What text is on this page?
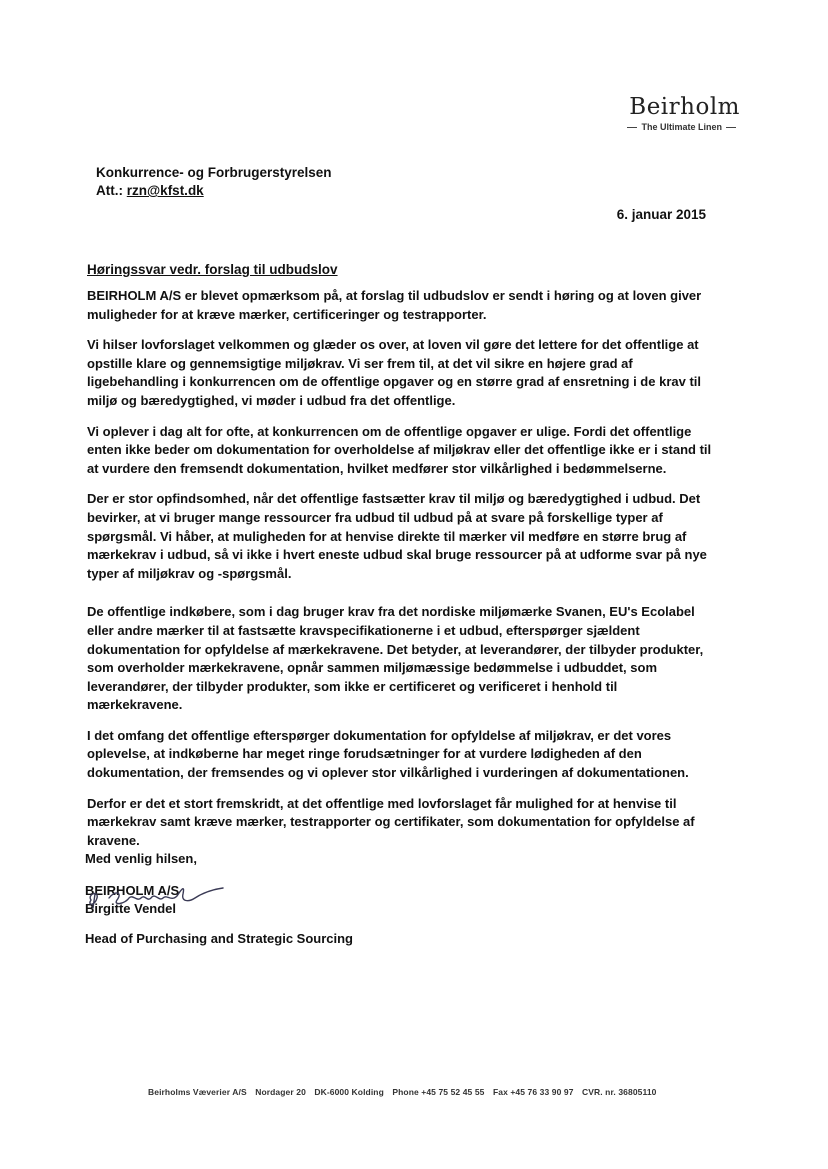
Beirholm
The Ultimate Linen
Konkurrence- og Forbrugerstyrelsen
Att.: rzn@kfst.dk
6. januar 2015
Høringssvar vedr. forslag til udbudslov

BEIRHOLM A/S er blevet opmærksom på, at forslag til udbudslov er sendt i høring og at loven giver muligheder for at kræve mærker, certificeringer og testrapporter.

Vi hilser lovforslaget velkommen og glæder os over, at loven vil gøre det lettere for det offentlige at opstille klare og gennemsigtige miljøkrav. Vi ser frem til, at det vil sikre en højere grad af ligebehandling i konkurrencen om de offentlige opgaver og en større grad af ensretning i de krav til miljø og bæredygtighed, vi møder i udbud fra det offentlige.

Vi oplever i dag alt for ofte, at konkurrencen om de offentlige opgaver er ulige. Fordi det offentlige enten ikke beder om dokumentation for overholdelse af miljøkrav eller det offentlige ikke er i stand til at vurdere den fremsendt dokumentation, hvilket medfører stor vilkårlighed i bedømmelserne.

Der er stor opfindsomhed, når det offentlige fastsætter krav til miljø og bæredygtighed i udbud. Det bevirker, at vi bruger mange ressourcer fra udbud til udbud på at svare på forskellige typer af spørgsmål. Vi håber, at muligheden for at henvise direkte til mærker vil medføre en større brug af mærkekrav i udbud, så vi ikke i hvert eneste udbud skal bruge ressourcer på at udforme svar på nye typer af miljøkrav og -spørgsmål.

De offentlige indkøbere, som i dag bruger krav fra det nordiske miljømærke Svanen, EU's Ecolabel eller andre mærker til at fastsætte kravspecifikationerne i et udbud, efterspørger sjældent dokumentation for opfyldelse af mærkekravene. Det betyder, at leverandører, der tilbyder produkter, som overholder mærkekravene, opnår sammen miljømæssige bedømmelse i udbuddet, som leverandører, der tilbyder produkter, som ikke er certificeret og verificeret i henhold til mærkekravene.

I det omfang det offentlige efterspørger dokumentation for opfyldelse af miljøkrav, er det vores oplevelse, at indkøberne har meget ringe forudsætninger for at vurdere lødigheden af den dokumentation, der fremsendes og vi oplever stor vilkårlighed i vurderingen af dokumentationen.

Derfor er det et stort fremskridt, at det offentlige med lovforslaget får mulighed for at henvise til mærkekrav samt kræve mærker, testrapporter og certifikater, som dokumentation for opfyldelse af kravene.

Med venlig hilsen,
BEIRHOLM A/S
Birgitte Vendel
Head of Purchasing and Strategic Sourcing
Beirholms Væverier A/S Nordager 20 DK-6000 Kolding Phone +45 75 52 45 55 Fax +45 76 33 90 97 CVR. nr. 36805110
